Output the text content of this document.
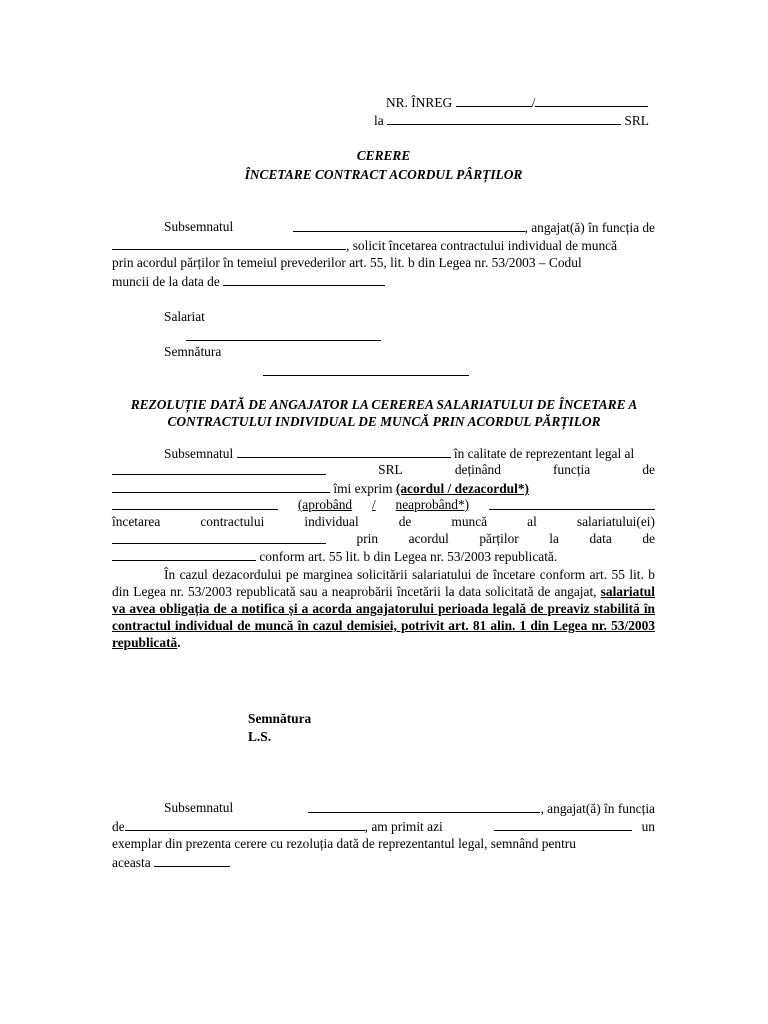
NR. ÎNREG	/
la	SRL
CERERE
ÎNCETARE CONTRACT ACORDUL PÂRȚILOR
Subsemnatul	, angajat(ă) în funcția de
, solicit încetarea contractului individual de muncă
prin acordul părților în temeiul prevederilor art. 55, lit. b din Legea nr. 53/2003 – Codul
muncii de la data de
Salariat
Semnătura
REZOLUȚIE DATĂ DE ANGAJATOR LA CEREREA SALARIATULUI DE ÎNCETARE A
CONTRACTULUI INDIVIDUAL DE MUNCĂ PRIN ACORDUL PĂRȚILOR
Subsemnatul	în calitate de reprezentant legal al
SRL	deținând	funcția	de
îmi exprim (acordul / dezacordul*)
(aprobând / neaprobând*)
încetarea	contractului	individual	de	muncă	al	salariatului(ei)
prin acordul părților la data de
conform art. 55 lit. b din Legea nr. 53/2003 republicată.
În cazul dezacordului pe marginea solicitării salariatului de încetare conform art. 55 lit. b din Legea nr. 53/2003 republicată sau a neaprobării încetării la data solicitată de angajat, salariatul va avea obligația de a notifica și a acorda angajatorului perioada legală de preaviz stabilită în contractul individual de muncă în cazul demisiei, potrivit art. 81 alin. 1 din Legea nr. 53/2003 republicată.
Semnătura
L.S.
Subsemnatul	, angajat(ă) în funcția
de	, am primit azi	un
exemplar din prezenta cerere cu rezoluția dată de reprezentantul legal, semnând pentru
aceasta
